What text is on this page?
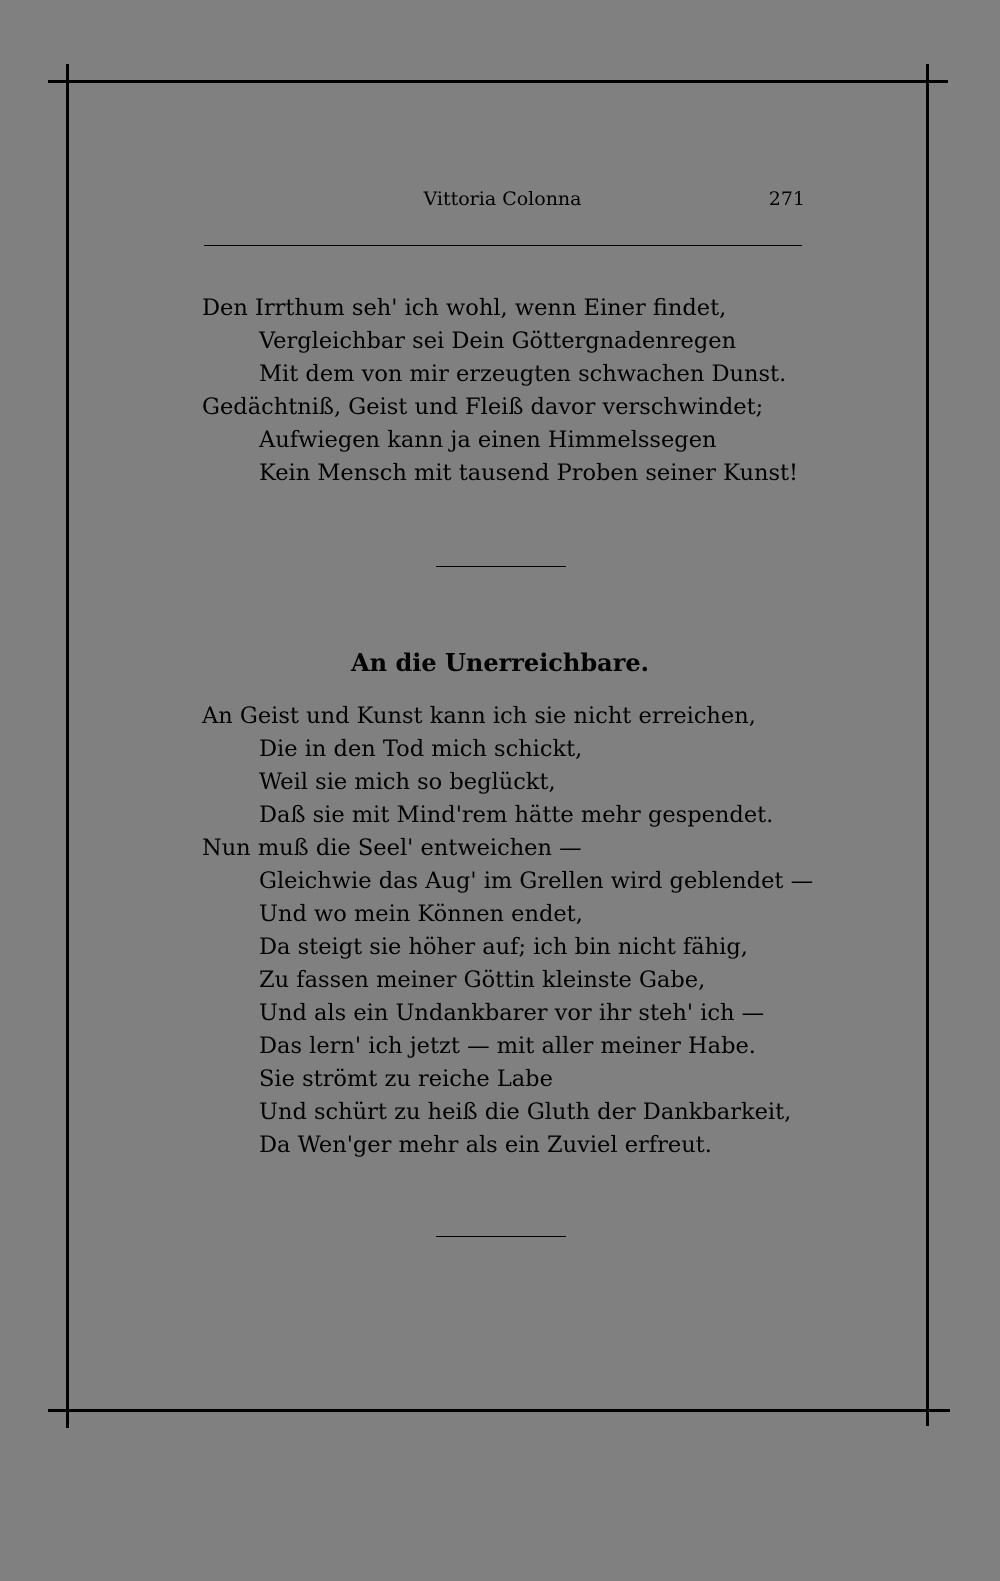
Vittoria Colonna	271
Den Irrthum seh' ich wohl, wenn Einer findet,
Vergleichbar sei Dein Göttergnadenregen
Mit dem von mir erzeugten schwachen Dunst.
Gedächtniß, Geist und Fleiß davor verschwindet;
Aufwiegen kann ja einen Himmelssegen
Kein Mensch mit tausend Proben seiner Kunst!
An die Unerreichbare.
An Geist und Kunst kann ich sie nicht erreichen,
Die in den Tod mich schickt,
Weil sie mich so beglückt,
Daß sie mit Mind'rem hätte mehr gespendet.
Nun muß die Seel' entweichen —
Gleichwie das Aug' im Grellen wird geblendet —
Und wo mein Können endet,
Da steigt sie höher auf; ich bin nicht fähig,
Zu fassen meiner Göttin kleinste Gabe,
Und als ein Undankbarer vor ihr steh' ich —
Das lern' ich jetzt — mit aller meiner Habe.
Sie strömt zu reiche Labe
Und schürt zu heiß die Gluth der Dankbarkeit,
Da Wen'ger mehr als ein Zuviel erfreut.
